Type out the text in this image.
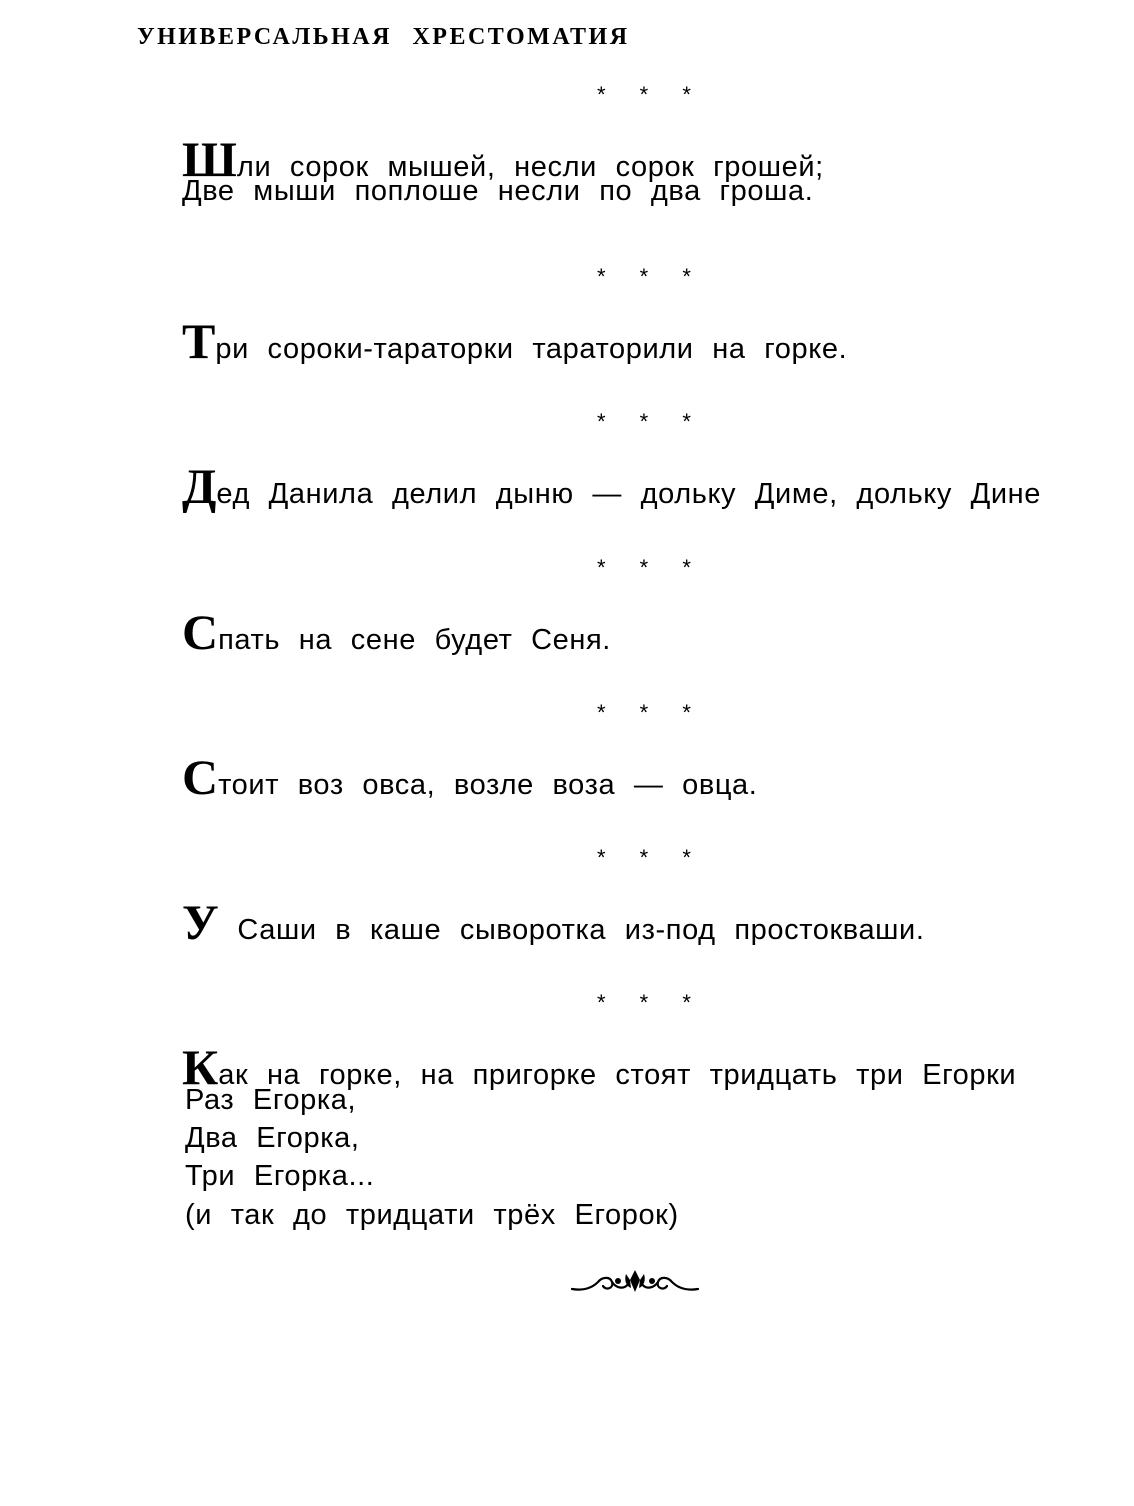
УНИВЕРСАЛЬНАЯ ХРЕСТОМАТИЯ
* * *
Шли сорок мышей, несли сорок грошей;
Две мыши поплоше несли по два гроша.
* * *
Три сороки-тараторки тараторили на горке.
* * *
Дед Данила делил дыню — дольку Диме, дольку Дине
* * *
Спать на сене будет Сеня.
* * *
Стоит воз овса, возле воза — овца.
* * *
У Саши в каше сыворотка из-под простокваши.
* * *
Как на горке, на пригорке стоят тридцать три Егорки
Раз Егорка,
Два Егорка,
Три Егорка...
(и так до тридцати трёх Егорок)
